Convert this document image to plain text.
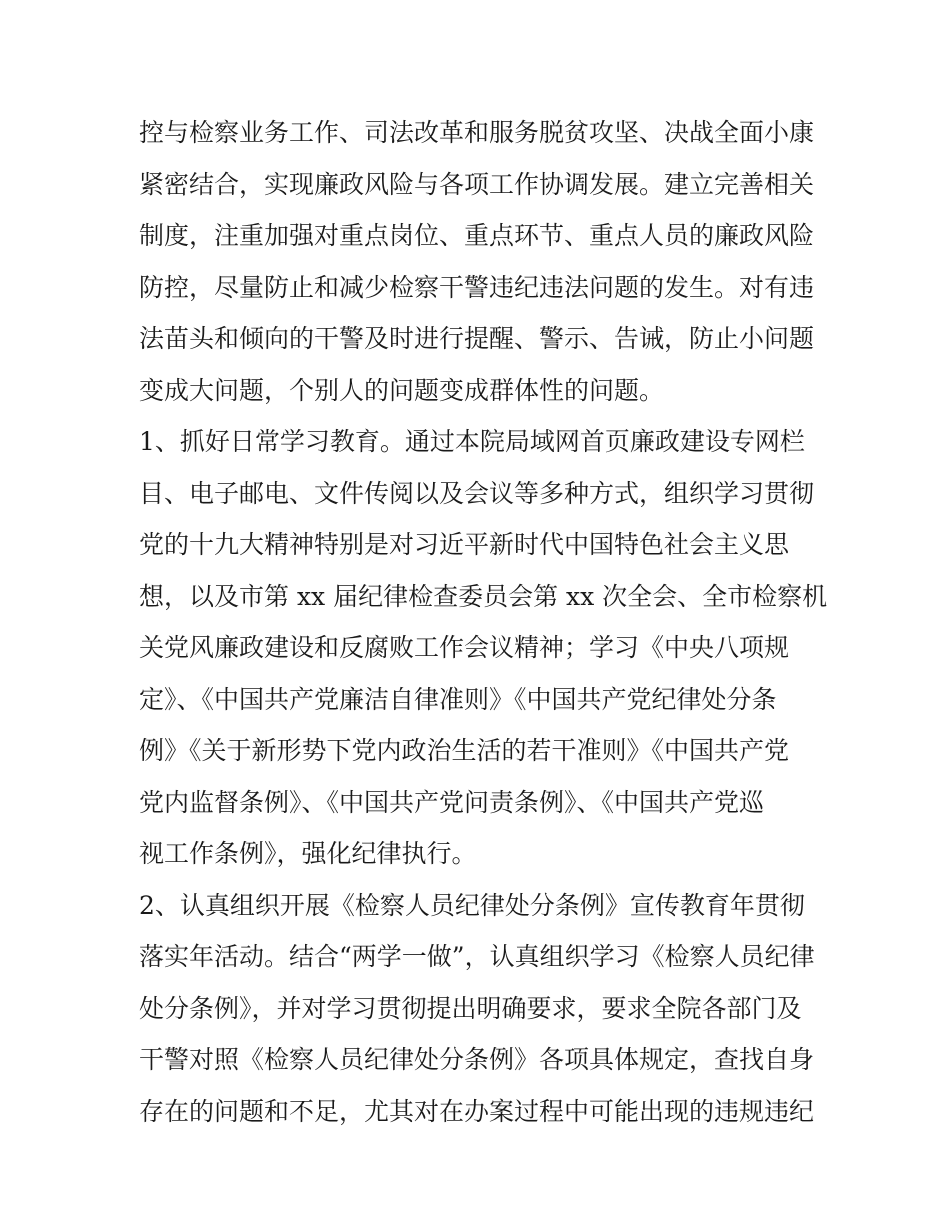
控与检察业务工作、司法改革和服务脱贫攻坚、决战全面小康
紧密结合，实现廉政风险与各项工作协调发展。建立完善相关
制度，注重加强对重点岗位、重点环节、重点人员的廉政风险
防控，尽量防止和减少检察干警违纪违法问题的发生。对有违
法苗头和倾向的干警及时进行提醒、警示、告诫，防止小问题
变成大问题，个别人的问题变成群体性的问题。
1、抓好日常学习教育。通过本院局域网首页廉政建设专网栏
目、电子邮电、文件传阅以及会议等多种方式，组织学习贯彻
党的十九大精神特别是对习近平新时代中国特色社会主义思
想，以及市第 xx 届纪律检查委员会第 xx 次全会、全市检察机
关党风廉政建设和反腐败工作会议精神；学习《中央八项规
定》、《中国共产党廉洁自律准则》《中国共产党纪律处分条
例》《关于新形势下党内政治生活的若干准则》《中国共产党
党内监督条例》、《中国共产党问责条例》、《中国共产党巡
视工作条例》，强化纪律执行。
2、认真组织开展《检察人员纪律处分条例》宣传教育年贯彻
落实年活动。结合“两学一做”，认真组织学习《检察人员纪律
处分条例》，并对学习贯彻提出明确要求，要求全院各部门及
干警对照《检察人员纪律处分条例》各项具体规定，查找自身
存在的问题和不足，尤其对在办案过程中可能出现的违规违纪
